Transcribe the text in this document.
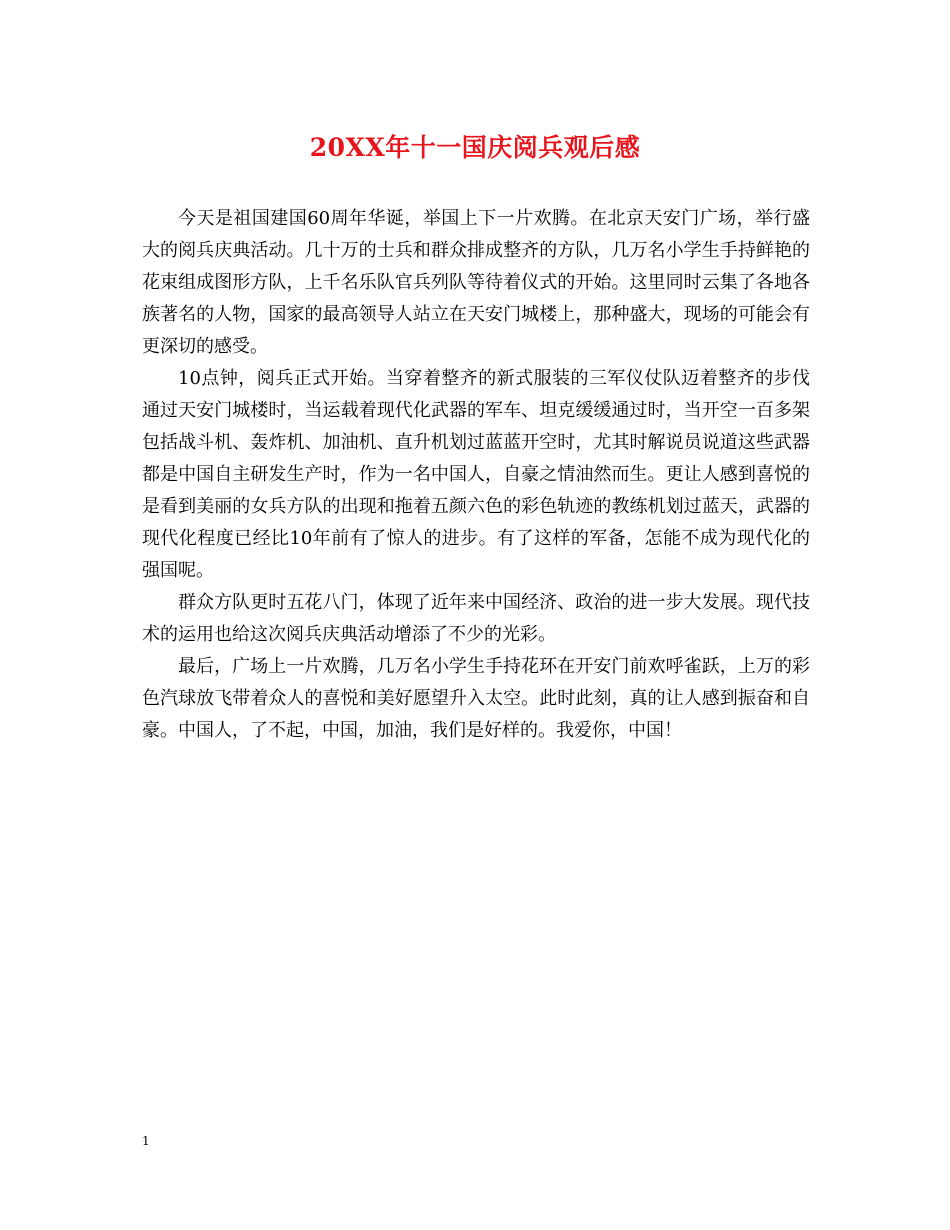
20XX年十一国庆阅兵观后感

今天是祖国建国60周年华诞，举国上下一片欢腾。在北京天安门广场，举行盛大的阅兵庆典活动。几十万的士兵和群众排成整齐的方队，几万名小学生手持鲜艳的花束组成图形方队，上千名乐队官兵列队等待着仪式的开始。这里同时云集了各地各族著名的人物，国家的最高领导人站立在天安门城楼上，那种盛大，现场的可能会有更深切的感受。

10点钟，阅兵正式开始。当穿着整齐的新式服装的三军仪仗队迈着整齐的步伐通过天安门城楼时，当运载着现代化武器的军车、坦克缓缓通过时，当开空一百多架包括战斗机、轰炸机、加油机、直升机划过蓝蓝开空时，尤其时解说员说道这些武器都是中国自主研发生产时，作为一名中国人，自豪之情油然而生。更让人感到喜悦的是看到美丽的女兵方队的出现和拖着五颜六色的彩色轨迹的教练机划过蓝天，武器的现代化程度已经比10年前有了惊人的进步。有了这样的军备，怎能不成为现代化的强国呢。

群众方队更时五花八门，体现了近年来中国经济、政治的进一步大发展。现代技术的运用也给这次阅兵庆典活动增添了不少的光彩。

最后，广场上一片欢腾，几万名小学生手持花环在开安门前欢呼雀跃，上万的彩色汽球放飞带着众人的喜悦和美好愿望升入太空。此时此刻，真的让人感到振奋和自豪。中国人，了不起，中国，加油，我们是好样的。我爱你，中国！

1
